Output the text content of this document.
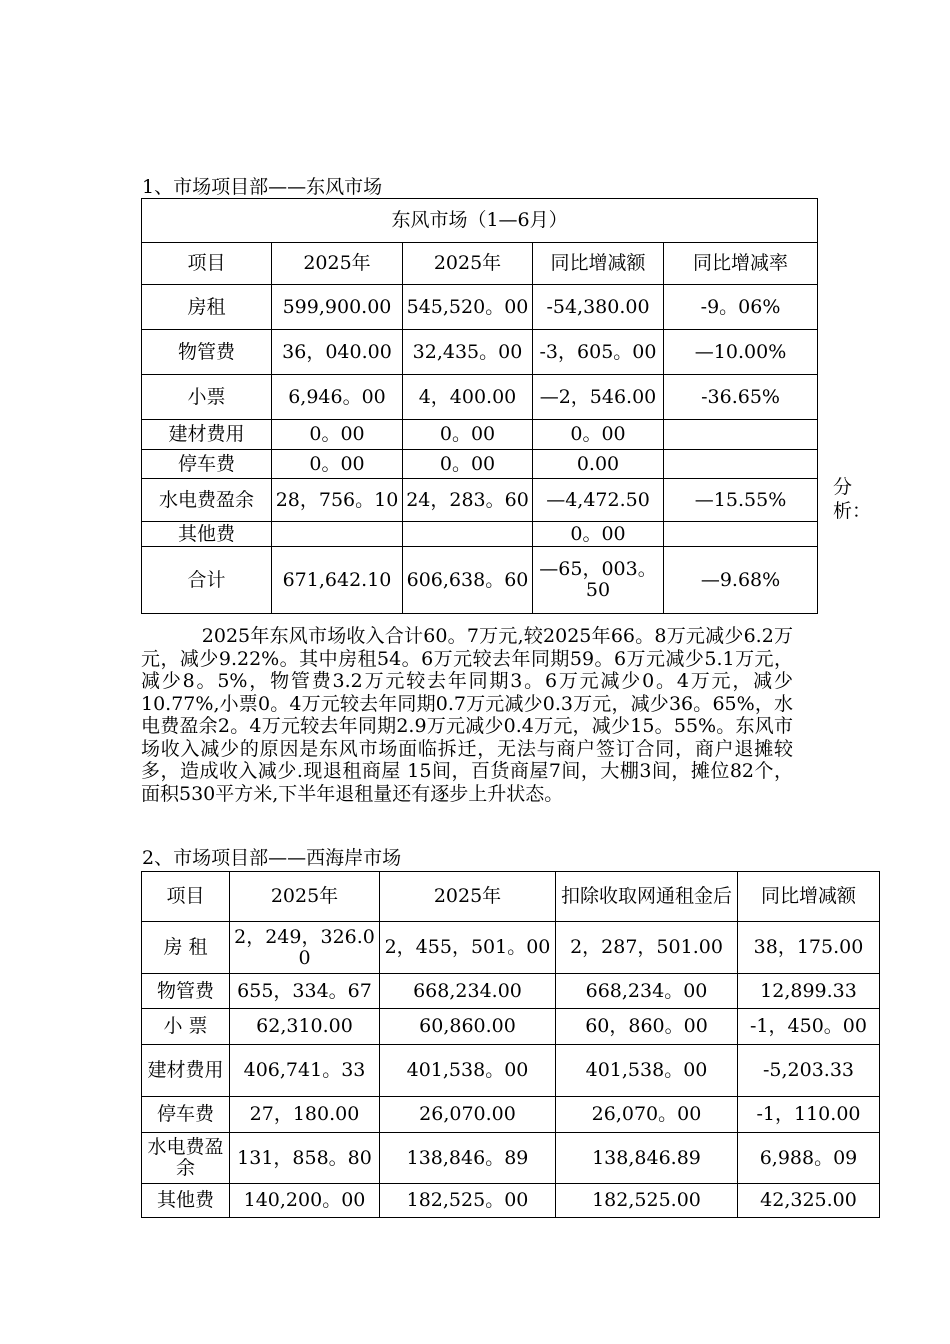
1、市场项目部——东风市场
东风市场（1—6月）				
项目	2025年	2025年	同比增减额	同比增减率
房租	599,900.00	545,520。00	-54,380.00	-9。06%
物管费	36，040.00	32,435。00	-3，605。00	—10.00%
小票	6,946。00	4，400.00	—2，546.00	-36.65%
建材费用	0。00	0。00	0。00	
停车费	0。00	0。00	0.00	
水电费盈余	28，756。10	24，283。60	—4,472.50	—15.55%
其他费			0。00	
合计	671,642.10	606,638。60	—65，003。50	—9.68%
分析：

2025年东风市场收入合计60。7万元,较2025年66。8万元减少6.2万元，减少9.22%。其中房租54。6万元较去年同期59。6万元减少5.1万元，减少8。5%，物管费3.2万元较去年同期3。6万元减少0。4万元，减少10.77%,小票0。4万元较去年同期0.7万元减少0.3万元，减少36。65%，水电费盈余2。4万元较去年同期2.9万元减少0.4万元，减少15。55%。东风市场收入减少的原因是东风市场面临拆迁，无法与商户签订合同，商户退摊较多，造成收入减少.现退租商屋 15间，百货商屋7间，大棚3间，摊位82个，面积530平方米,下半年退租量还有逐步上升状态。

2、市场项目部——西海岸市场
项目	2025年	2025年	扣除收取网通租金后	同比增减额
房 租	2，249，326.00	2，455，501。00	2，287，501.00	38，175.00
物管费	655，334。67	668,234.00	668,234。00	12,899.33
小 票	62,310.00	60,860.00	60，860。00	-1，450。00
建材费用	406,741。33	401,538。00	401,538。00	-5,203.33
停车费	27，180.00	26,070.00	26,070。00	-1，110.00
水电费盈余	131，858。80	138,846。89	138,846.89	6,988。09
其他费	140,200。00	182,525。00	182,525.00	42,325.00
